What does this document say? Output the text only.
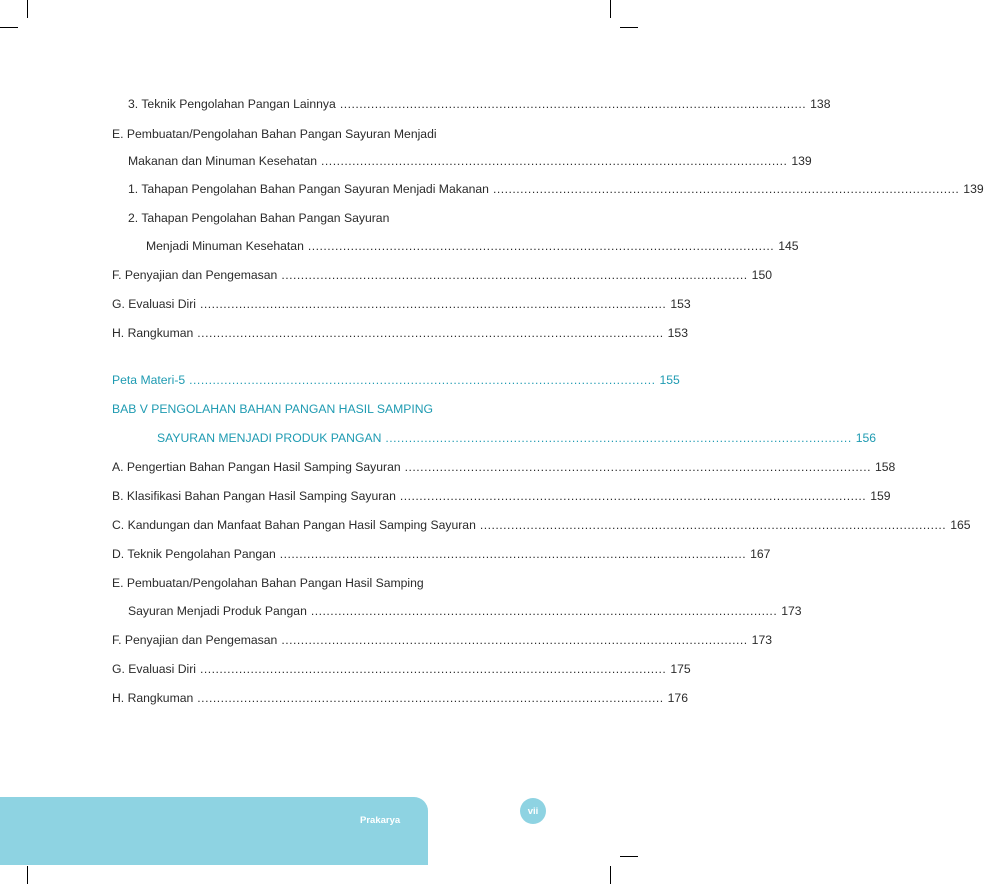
3. Teknik Pengolahan Pangan Lainnya ........................................................................................................................ 138
E. Pembuatan/Pengolahan Bahan Pangan Sayuran Menjadi
Makanan dan Minuman Kesehatan ........................................................................................................................ 139
1. Tahapan Pengolahan Bahan Pangan Sayuran Menjadi Makanan ........................................................................................................................ 139
2. Tahapan Pengolahan Bahan Pangan Sayuran
Menjadi Minuman Kesehatan ........................................................................................................................ 145
F. Penyajian dan Pengemasan ........................................................................................................................ 150
G. Evaluasi Diri ........................................................................................................................ 153
H. Rangkuman ........................................................................................................................ 153
Peta Materi-5 ........................................................................................................................ 155
BAB V PENGOLAHAN BAHAN PANGAN HASIL SAMPING
SAYURAN MENJADI PRODUK PANGAN ........................................................................................................................ 156
A. Pengertian Bahan Pangan Hasil Samping Sayuran ........................................................................................................................ 158
B. Klasifikasi Bahan Pangan Hasil Samping Sayuran ........................................................................................................................ 159
C. Kandungan dan Manfaat Bahan Pangan Hasil Samping Sayuran ........................................................................................................................ 165
D. Teknik Pengolahan Pangan ........................................................................................................................ 167
E. Pembuatan/Pengolahan Bahan Pangan Hasil Samping
Sayuran Menjadi Produk Pangan ........................................................................................................................ 173
F. Penyajian dan Pengemasan ........................................................................................................................ 173
G. Evaluasi Diri ........................................................................................................................ 175
H. Rangkuman ........................................................................................................................ 176
Prakarya
vii
